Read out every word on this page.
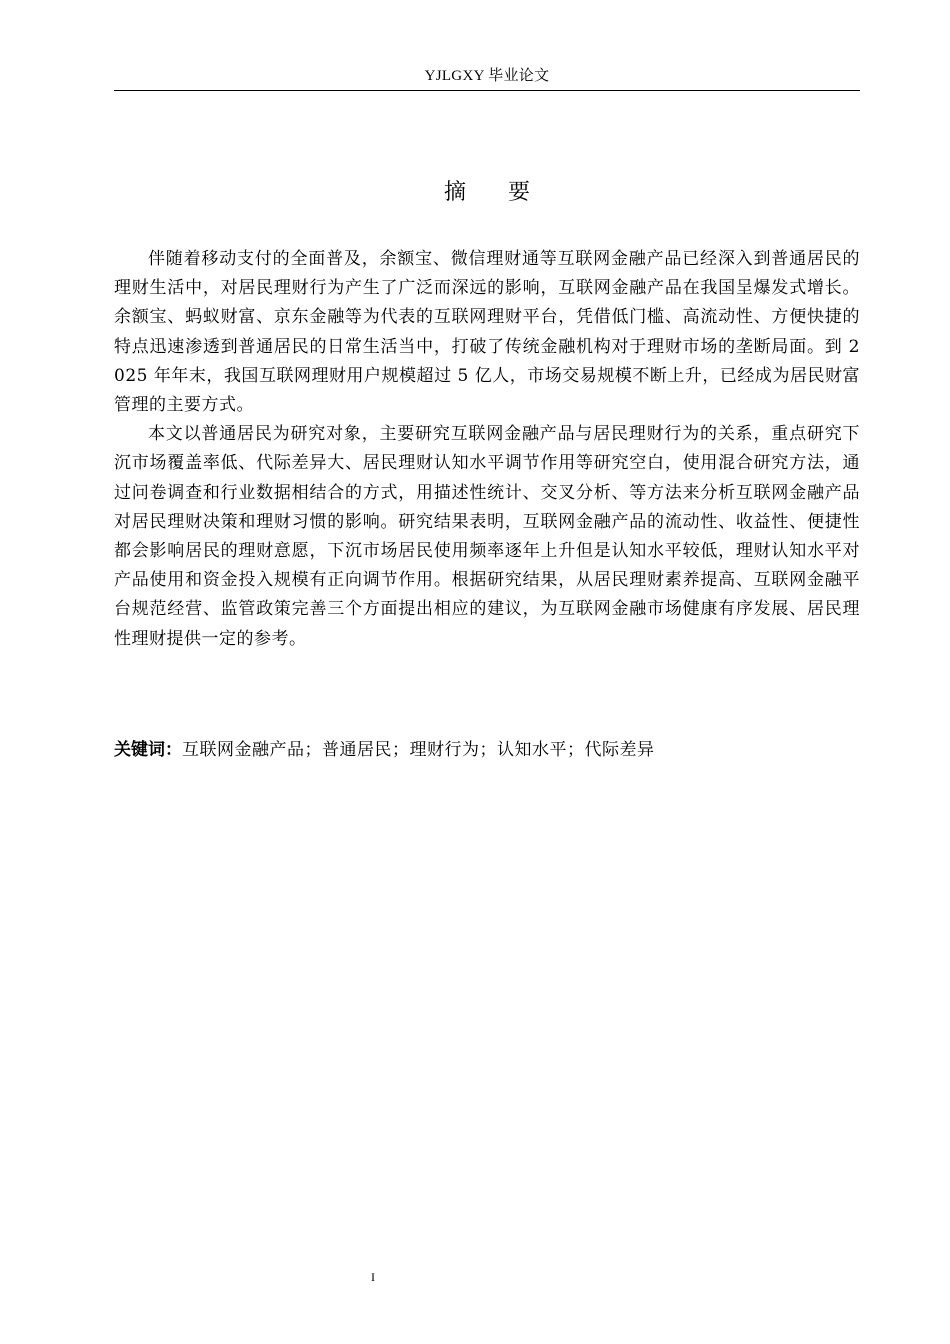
YJLGXY 毕业论文
摘 要

伴随着移动支付的全面普及，余额宝、微信理财通等互联网金融产品已经深入到普通居民的理财生活中，对居民理财行为产生了广泛而深远的影响，互联网金融产品在我国呈爆发式增长。余额宝、蚂蚁财富、京东金融等为代表的互联网理财平台，凭借低门槛、高流动性、方便快捷的特点迅速渗透到普通居民的日常生活当中，打破了传统金融机构对于理财市场的垄断局面。到 2025 年年末，我国互联网理财用户规模超过 5 亿人，市场交易规模不断上升，已经成为居民财富管理的主要方式。

本文以普通居民为研究对象，主要研究互联网金融产品与居民理财行为的关系，重点研究下沉市场覆盖率低、代际差异大、居民理财认知水平调节作用等研究空白，使用混合研究方法，通过问卷调查和行业数据相结合的方式，用描述性统计、交叉分析、等方法来分析互联网金融产品对居民理财决策和理财习惯的影响。研究结果表明，互联网金融产品的流动性、收益性、便捷性都会影响居民的理财意愿，下沉市场居民使用频率逐年上升但是认知水平较低，理财认知水平对产品使用和资金投入规模有正向调节作用。根据研究结果，从居民理财素养提高、互联网金融平台规范经营、监管政策完善三个方面提出相应的建议，为互联网金融市场健康有序发展、居民理性理财提供一定的参考。

关键词：互联网金融产品；普通居民；理财行为；认知水平；代际差异
I
